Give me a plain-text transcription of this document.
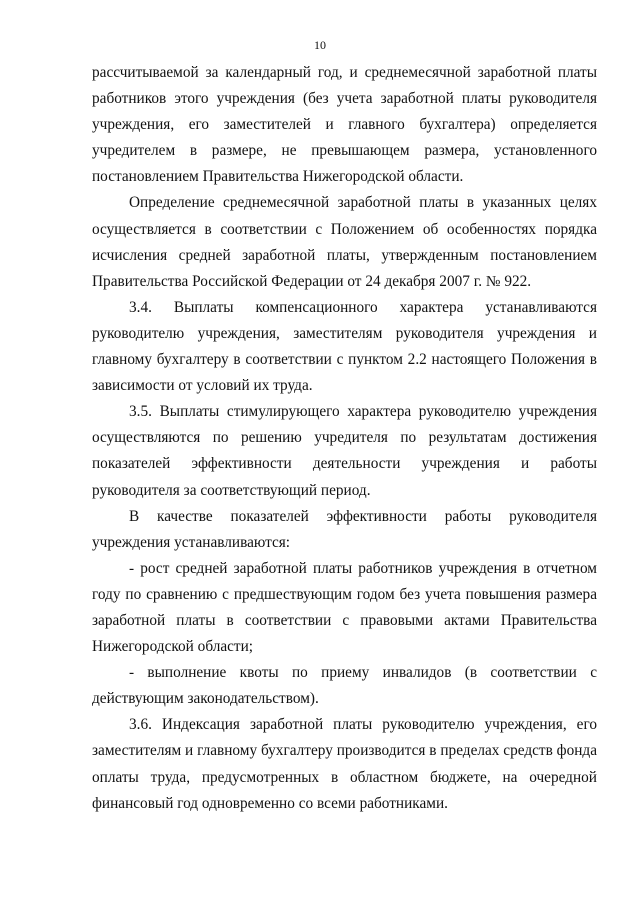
10

рассчитываемой за календарный год, и среднемесячной заработной платы работников этого учреждения (без учета заработной платы руководителя учреждения, его заместителей и главного бухгалтера) определяется учредителем в размере, не превышающем размера, установленного постановлением Правительства Нижегородской области.

Определение среднемесячной заработной платы в указанных целях осуществляется в соответствии с Положением об особенностях порядка исчисления средней заработной платы, утвержденным постановлением Правительства Российской Федерации от 24 декабря 2007 г. № 922.

3.4. Выплаты компенсационного характера устанавливаются руководителю учреждения, заместителям руководителя учреждения и главному бухгалтеру в соответствии с пунктом 2.2 настоящего Положения в зависимости от условий их труда.

3.5. Выплаты стимулирующего характера руководителю учреждения осуществляются по решению учредителя по результатам достижения показателей эффективности деятельности учреждения и работы руководителя за соответствующий период.

В качестве показателей эффективности работы руководителя учреждения устанавливаются:

- рост средней заработной платы работников учреждения в отчетном году по сравнению с предшествующим годом без учета повышения размера заработной платы в соответствии с правовыми актами Правительства Нижегородской области;

- выполнение квоты по приему инвалидов (в соответствии с действующим законодательством).

3.6. Индексация заработной платы руководителю учреждения, его заместителям и главному бухгалтеру производится в пределах средств фонда оплаты труда, предусмотренных в областном бюджете, на очередной финансовый год одновременно со всеми работниками.
